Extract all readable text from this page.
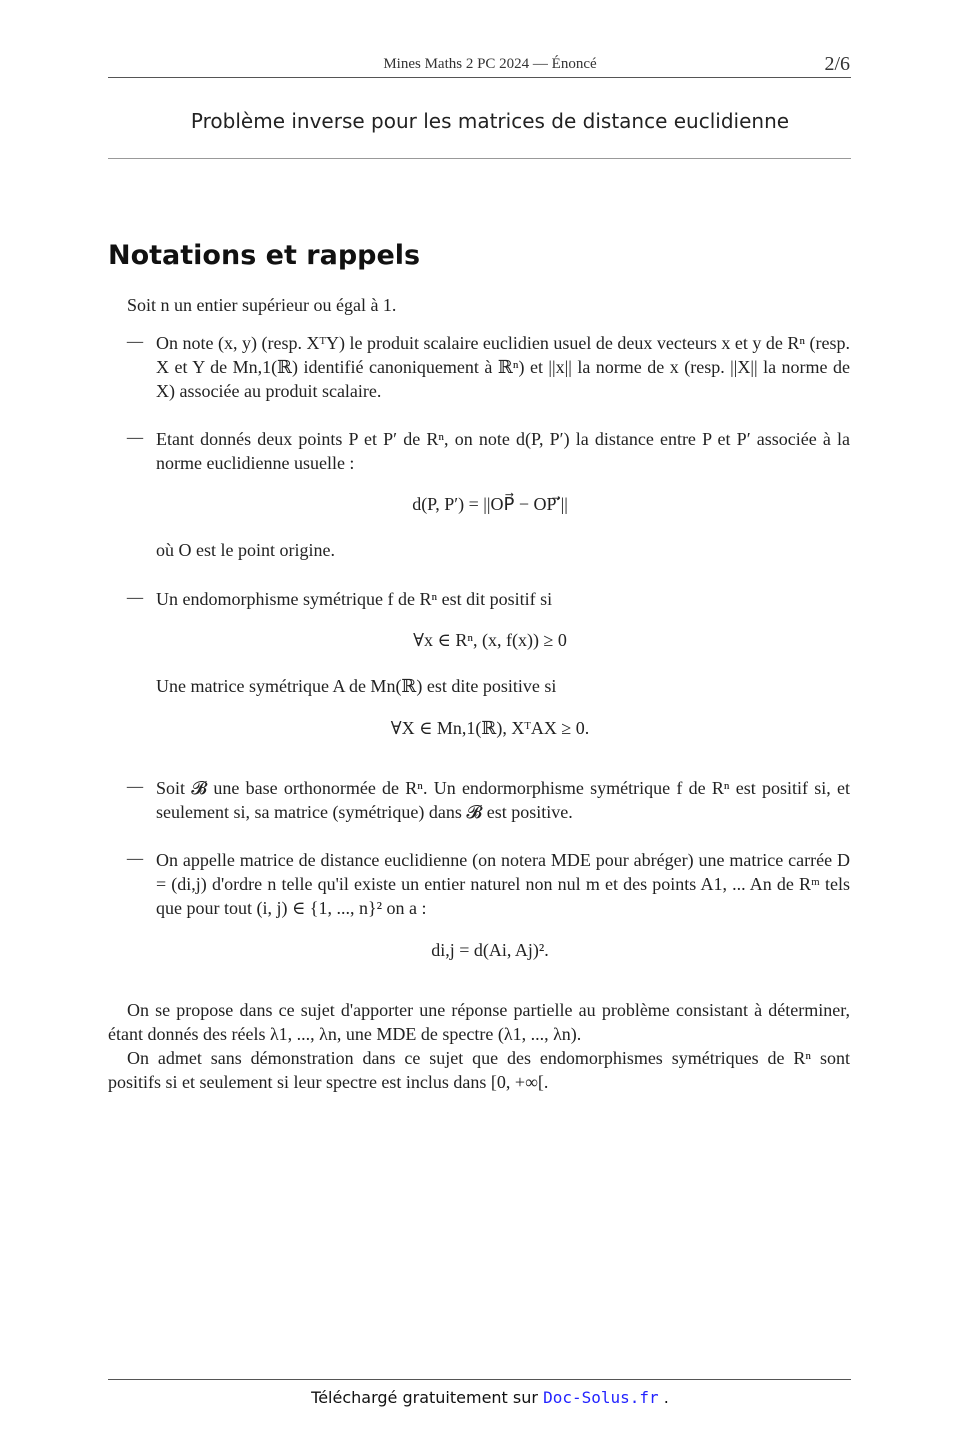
Mines Maths 2 PC 2024 — Énoncé	2/6
Problème inverse pour les matrices de distance euclidienne
Notations et rappels
Soit n un entier supérieur ou égal à 1.
— On note (x, y) (resp. XᵀY) le produit scalaire euclidien usuel de deux vecteurs x et y de Rⁿ (resp. X et Y de Mn,1(ℝ) identifié canoniquement à ℝⁿ) et ||x|| la norme de x (resp. ||X|| la norme de X) associée au produit scalaire.
— Etant donnés deux points P et P′ de Rⁿ, on note d(P, P′) la distance entre P et P′ associée à la norme euclidienne usuelle :
d(P, P′) = ||OP⃗ − OP′⃗||
où O est le point origine.
— Un endomorphisme symétrique f de Rⁿ est dit positif si
∀x ∈ Rⁿ, (x, f(x)) ≥ 0
Une matrice symétrique A de Mn(ℝ) est dite positive si
∀X ∈ Mn,1(ℝ), XᵀAX ≥ 0.
— Soit 𝓑 une base orthonormée de Rⁿ. Un endormorphisme symétrique f de Rⁿ est positif si, et seulement si, sa matrice (symétrique) dans 𝓑 est positive.
— On appelle matrice de distance euclidienne (on notera MDE pour abréger) une matrice carrée D = (di,j) d'ordre n telle qu'il existe un entier naturel non nul m et des points A1, ... An de Rᵐ tels que pour tout (i, j) ∈ {1, ..., n}² on a :
di,j = d(Ai, Aj)².
On se propose dans ce sujet d'apporter une réponse partielle au problème consistant à déterminer, étant donnés des réels λ1, ..., λn, une MDE de spectre (λ1, ..., λn).
On admet sans démonstration dans ce sujet que des endomorphismes symétriques de Rⁿ sont positifs si et seulement si leur spectre est inclus dans [0, +∞[.
Téléchargé gratuitement sur Doc-Solus.fr .
